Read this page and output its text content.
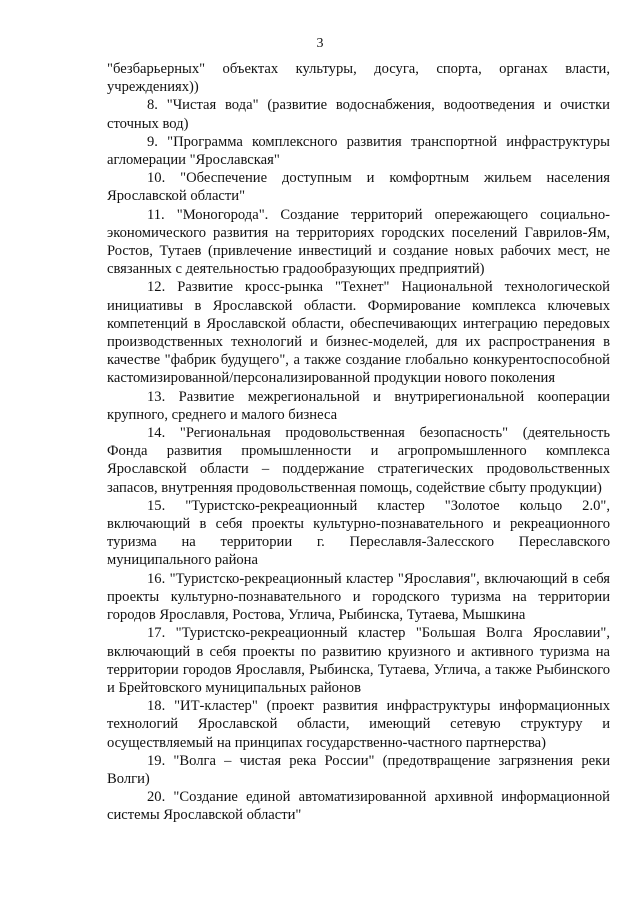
3

"безбарьерных" объектах культуры, досуга, спорта, органах власти, учреждениях))

8. "Чистая вода" (развитие водоснабжения, водоотведения и очистки сточных вод)

9. "Программа комплексного развития транспортной инфраструктуры агломерации "Ярославская"

10. "Обеспечение доступным и комфортным жильем населения Ярославской области"

11. "Моногорода". Создание территорий опережающего социально-экономического развития на территориях городских поселений Гаврилов-Ям, Ростов, Тутаев (привлечение инвестиций и создание новых рабочих мест, не связанных с деятельностью градообразующих предприятий)

12. Развитие кросс-рынка "Технет" Национальной технологической инициативы в Ярославской области. Формирование комплекса ключевых компетенций в Ярославской области, обеспечивающих интеграцию передовых производственных технологий и бизнес-моделей, для их распространения в качестве "фабрик будущего", а также создание глобально конкурентоспособной кастомизированной/персонализированной продукции нового поколения

13. Развитие межрегиональной и внутрирегиональной кооперации крупного, среднего и малого бизнеса

14. "Региональная продовольственная безопасность" (деятельность Фонда развития промышленности и агропромышленного комплекса Ярославской области – поддержание стратегических продовольственных запасов, внутренняя продовольственная помощь, содействие сбыту продукции)

15. "Туристско-рекреационный кластер "Золотое кольцо 2.0", включающий в себя проекты культурно-познавательного и рекреационного туризма на территории г. Переславля-Залесского Переславского муниципального района

16. "Туристско-рекреационный кластер "Ярославия", включающий в себя проекты культурно-познавательного и городского туризма на территории городов Ярославля, Ростова, Углича, Рыбинска, Тутаева, Мышкина

17. "Туристско-рекреационный кластер "Большая Волга Ярославии", включающий в себя проекты по развитию круизного и активного туризма на территории городов Ярославля, Рыбинска, Тутаева, Углича, а также Рыбинского и Брейтовского муниципальных районов

18. "ИТ-кластер" (проект развития инфраструктуры информационных технологий Ярославской области, имеющий сетевую структуру и осуществляемый на принципах государственно-частного партнерства)

19. "Волга – чистая река России" (предотвращение загрязнения реки Волги)

20. "Создание единой автоматизированной архивной информационной системы Ярославской области"
